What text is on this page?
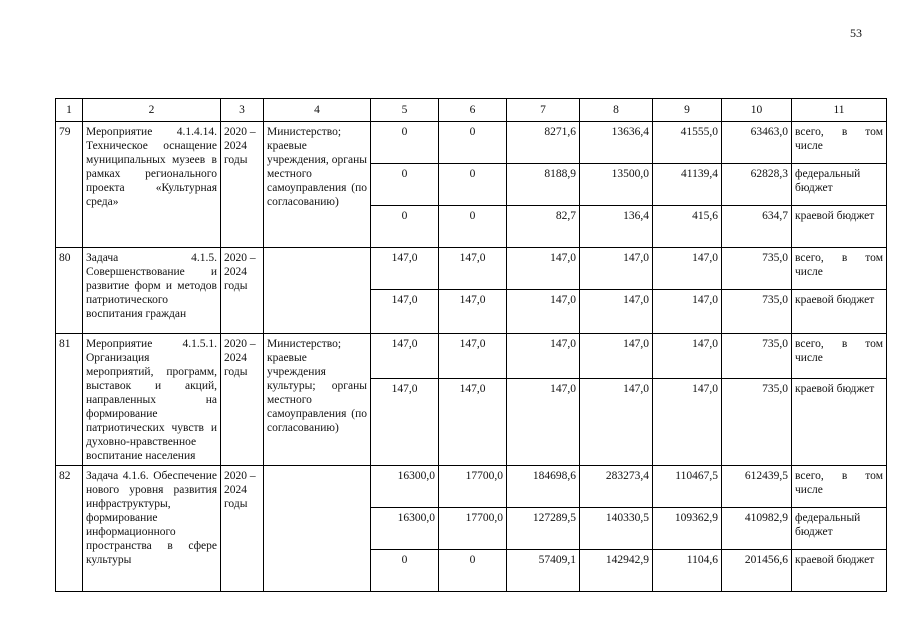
53
1	2	3	4	5	6	7	8	9	10	11
79	Мероприятие 4.1.4.14. Техническое оснащение муниципальных музеев в рамках регионального проекта «Культурная среда»	2020 – 2024 годы	Министерство; краевые учреждения, органы местного самоуправления (по согласованию)	0	0	8271,6	13636,4	41555,0	63463,0	всего, в том числе
				0	0	8188,9	13500,0	41139,4	62828,3	федеральный бюджет
				0	0	82,7	136,4	415,6	634,7	краевой бюджет
80	Задача 4.1.5. Совершенствование и развитие форм и методов патриотического воспитания граждан	2020 – 2024 годы		147,0	147,0	147,0	147,0	147,0	735,0	всего, в том числе
				147,0	147,0	147,0	147,0	147,0	735,0	краевой бюджет
81	Мероприятие 4.1.5.1. Организация мероприятий, программ, выставок и акций, направленных на формирование патриотических чувств и духовно-нравственное воспитание населения	2020 – 2024 годы	Министерство; краевые учреждения культуры; органы местного самоуправления (по согласованию)	147,0	147,0	147,0	147,0	147,0	735,0	всего, в том числе
				147,0	147,0	147,0	147,0	147,0	735,0	краевой бюджет
82	Задача 4.1.6. Обеспечение нового уровня развития инфраструктуры, формирование информационного пространства в сфере культуры	2020 – 2024 годы		16300,0	17700,0	184698,6	283273,4	110467,5	612439,5	всего, в том числе
				16300,0	17700,0	127289,5	140330,5	109362,9	410982,9	федеральный бюджет
				0	0	57409,1	142942,9	1104,6	201456,6	краевой бюджет
